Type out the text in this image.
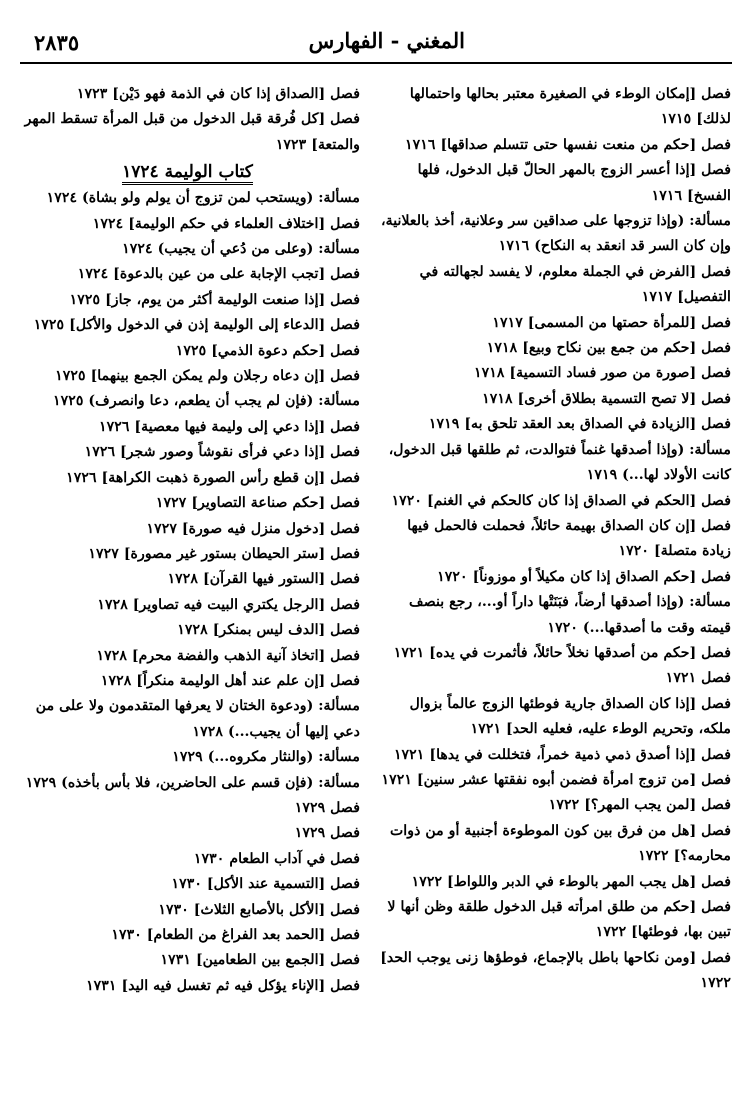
المغني - الفهارس
٢٨٣٥

فصل [إمكان الوطء في الصغيرة معتبر بحالها واحتمالها لذلك] ١٧١٥

فصل [حكم من منعت نفسها حتى تتسلم صداقها] ١٧١٦

فصل [إذا أعسر الزوج بالمهر الحالّ قبل الدخول، فلها الفسخ] ١٧١٦

مسألة: (وإذا تزوجها على صداقين سر وعلانية، أخذ بالعلانية، وإن كان السر قد انعقد به النكاح) ١٧١٦

فصل [الفرض في الجملة معلوم، لا يفسد لجهالته في التفصيل] ١٧١٧

فصل [للمرأة حصتها من المسمى] ١٧١٧

فصل [حكم من جمع بين نكاح وبيع] ١٧١٨

فصل [صورة من صور فساد التسمية] ١٧١٨

فصل [لا تصح التسمية بطلاق أخرى] ١٧١٨

فصل [الزيادة في الصداق بعد العقد تلحق به] ١٧١٩

مسألة: (وإذا أصدقها غنماً فتوالدت، ثم طلقها قبل الدخول، كانت الأولاد لها...) ١٧١٩

فصل [الحكم في الصداق إذا كان كالحكم في الغنم] ١٧٢٠

فصل [إن كان الصداق بهيمة حائلاً، فحملت فالحمل فيها زيادة متصلة] ١٧٢٠

فصل [حكم الصداق إذا كان مكيلاً أو موزوناً] ١٧٢٠

مسألة: (وإذا أصدقها أرضاً، فبَنَتْها داراً أو...، رجع بنصف قيمته وقت ما أصدقها...) ١٧٢٠

فصل [حكم من أصدقها نخلاً حائلاً، فأثمرت في يده] ١٧٢١

فصل ١٧٢١

فصل [إذا كان الصداق جارية فوطئها الزوج عالماً بزوال ملكه، وتحريم الوطء عليه، فعليه الحد] ١٧٢١

فصل [إذا أصدق ذمي ذمية خمراً، فتخللت في يدها] ١٧٢١

فصل [من تزوج امرأة فضمن أبوه نفقتها عشر سنين] ١٧٢١

فصل [لمن يجب المهر؟] ١٧٢٢

فصل [هل من فرق بين كون الموطوءة أجنبية أو من ذوات محارمه؟] ١٧٢٢

فصل [هل يجب المهر بالوطء في الدبر واللواط] ١٧٢٢

فصل [حكم من طلق امرأته قبل الدخول طلقة وظن أنها لا تبين بها، فوطئها] ١٧٢٢

فصل [ومن نكاحها باطل بالإجماع، فوطؤها زنى يوجب الحد] ١٧٢٢

فصل [الصداق إذا كان في الذمة فهو دَيْن] ١٧٢٣

فصل [كل فُرقة قبل الدخول من قبل المرأة تسقط المهر والمتعة] ١٧٢٣

كتاب الوليمة ١٧٢٤

مسألة: (ويستحب لمن تزوج أن يولم ولو بشاة) ١٧٢٤

فصل [اختلاف العلماء في حكم الوليمة] ١٧٢٤

مسألة: (وعلى من دُعي أن يجيب) ١٧٢٤

فصل [تجب الإجابة على من عين بالدعوة] ١٧٢٤

فصل [إذا صنعت الوليمة أكثر من يوم، جاز] ١٧٢٥

فصل [الدعاء إلى الوليمة إذن في الدخول والأكل] ١٧٢٥

فصل [حكم دعوة الذمي] ١٧٢٥

فصل [إن دعاه رجلان ولم يمكن الجمع بينهما] ١٧٢٥

مسألة: (فإن لم يجب أن يطعم، دعا وانصرف) ١٧٢٥

فصل [إذا دعي إلى وليمة فيها معصية] ١٧٢٦

فصل [إذا دعي فرأى نقوشاً وصور شجر] ١٧٢٦

فصل [إن قطع رأس الصورة ذهبت الكراهة] ١٧٢٦

فصل [حكم صناعة التصاوير] ١٧٢٧

فصل [دخول منزل فيه صورة] ١٧٢٧

فصل [ستر الحيطان بستور غير مصورة] ١٧٢٧

فصل [الستور فيها القرآن] ١٧٢٨

فصل [الرجل يكتري البيت فيه تصاوير] ١٧٢٨

فصل [الدف ليس بمنكر] ١٧٢٨

فصل [اتخاذ آنية الذهب والفضة محرم] ١٧٢٨

فصل [إن علم عند أهل الوليمة منكراً] ١٧٢٨

مسألة: (ودعوة الختان لا يعرفها المتقدمون ولا على من دعي إليها أن يجيب...) ١٧٢٨

مسألة: (والنثار مكروه...) ١٧٢٩

مسألة: (فإن قسم على الحاضرين، فلا بأس بأخذه) ١٧٢٩

فصل ١٧٢٩

فصل ١٧٢٩

فصل في آداب الطعام ١٧٣٠

فصل [التسمية عند الأكل] ١٧٣٠

فصل [الأكل بالأصابع الثلاث] ١٧٣٠

فصل [الحمد بعد الفراغ من الطعام] ١٧٣٠

فصل [الجمع بين الطعامين] ١٧٣١

فصل [الإناء يؤكل فيه ثم تغسل فيه اليد] ١٧٣١
